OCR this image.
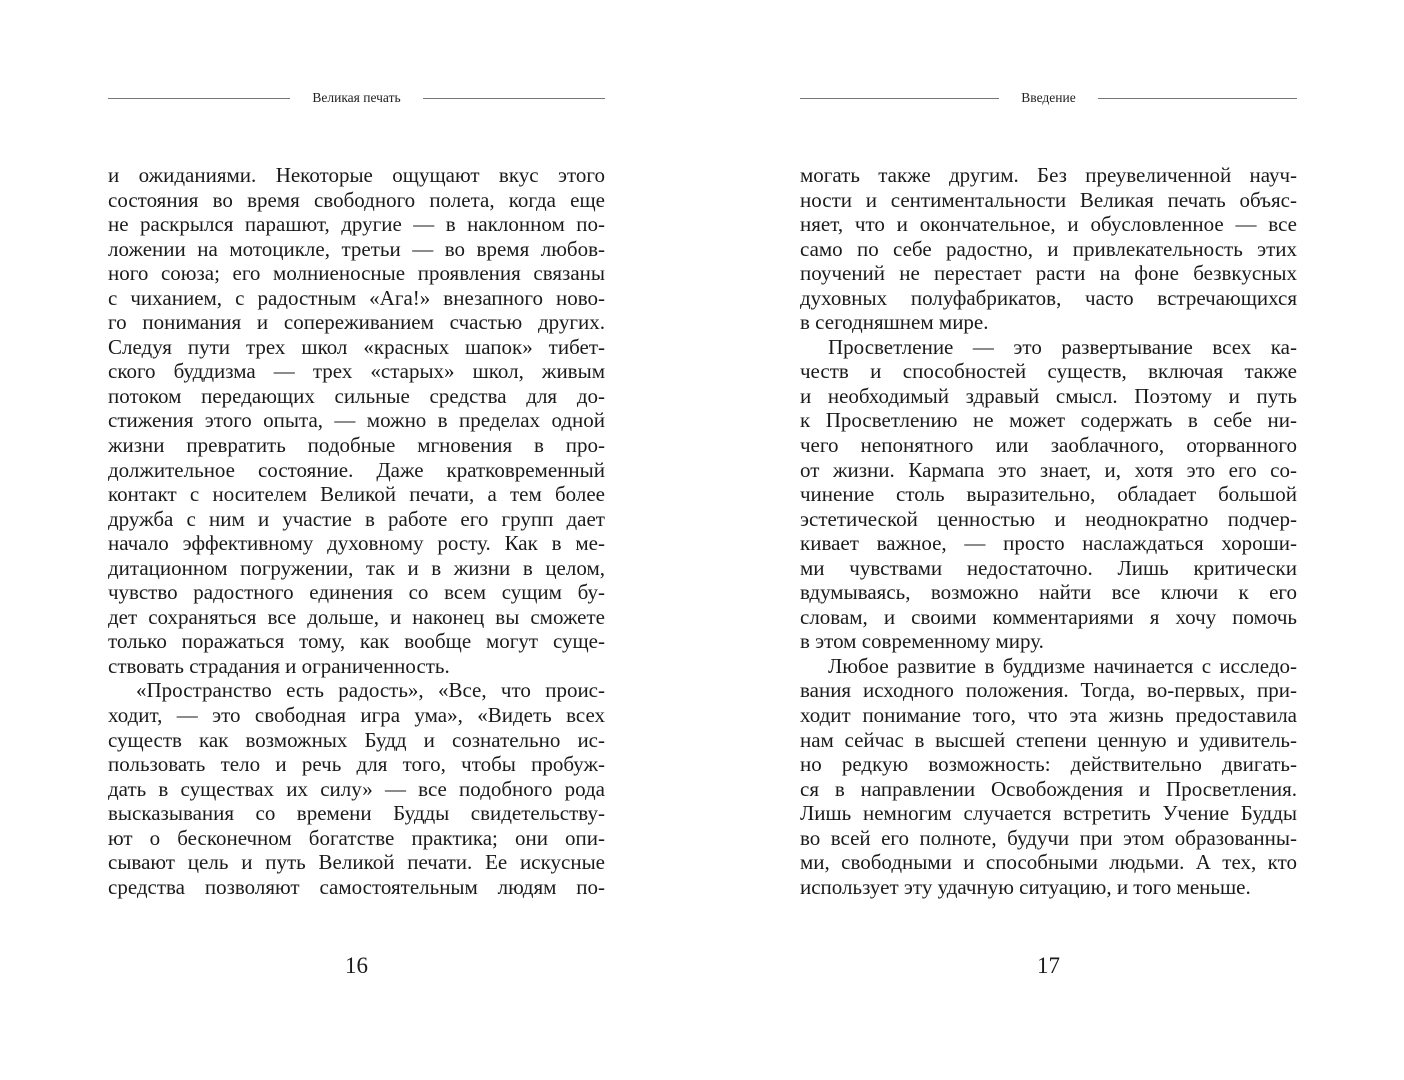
Великая печать
и ожиданиями. Некоторые ощущают вкус этого
состояния во время свободного полета, когда еще
не раскрылся парашют, другие — в наклонном по-
ложении на мотоцикле, третьи — во время любов-
ного союза; его молниеносные проявления связаны
с чиханием, с радостным «Ага!» внезапного ново-
го понимания и сопереживанием счастью других.
Следуя пути трех школ «красных шапок» тибет-
ского буддизма — трех «старых» школ, живым
потоком передающих сильные средства для до-
стижения этого опыта, — можно в пределах одной
жизни превратить подобные мгновения в про-
должительное состояние. Даже кратковременный
контакт с носителем Великой печати, а тем более
дружба с ним и участие в работе его групп дает
начало эффективному духовному росту. Как в ме-
дитационном погружении, так и в жизни в целом,
чувство радостного единения со всем сущим бу-
дет сохраняться все дольше, и наконец вы сможете
только поражаться тому, как вообще могут суще-
ствовать страдания и ограниченность.
«Пространство есть радость», «Все, что проис-
ходит, — это свободная игра ума», «Видеть всех
существ как возможных Будд и сознательно ис-
пользовать тело и речь для того, чтобы пробуж-
дать в существах их силу» — все подобного рода
высказывания со времени Будды свидетельству-
ют о бесконечном богатстве практика; они опи-
сывают цель и путь Великой печати. Ее искусные
средства позволяют самостоятельным людям по-
16
Введение
могать также другим. Без преувеличенной науч-
ности и сентиментальности Великая печать объяс-
няет, что и окончательное, и обусловленное — все
само по себе радостно, и привлекательность этих
поучений не перестает расти на фоне безвкусных
духовных полуфабрикатов, часто встречающихся
в сегодняшнем мире.
Просветление — это развертывание всех ка-
честв и способностей существ, включая также
и необходимый здравый смысл. Поэтому и путь
к Просветлению не может содержать в себе ни-
чего непонятного или заоблачного, оторванного
от жизни. Кармапа это знает, и, хотя это его со-
чинение столь выразительно, обладает большой
эстетической ценностью и неоднократно подчер-
кивает важное, — просто наслаждаться хороши-
ми чувствами недостаточно. Лишь критически
вдумываясь, возможно найти все ключи к его
словам, и своими комментариями я хочу помочь
в этом современному миру.
Любое развитие в буддизме начинается с исследо-
вания исходного положения. Тогда, во-первых, при-
ходит понимание того, что эта жизнь предоставила
нам сейчас в высшей степени ценную и удивитель-
но редкую возможность: действительно двигать-
ся в направлении Освобождения и Просветления.
Лишь немногим случается встретить Учение Будды
во всей его полноте, будучи при этом образованны-
ми, свободными и способными людьми. А тех, кто
использует эту удачную ситуацию, и того меньше.
17
